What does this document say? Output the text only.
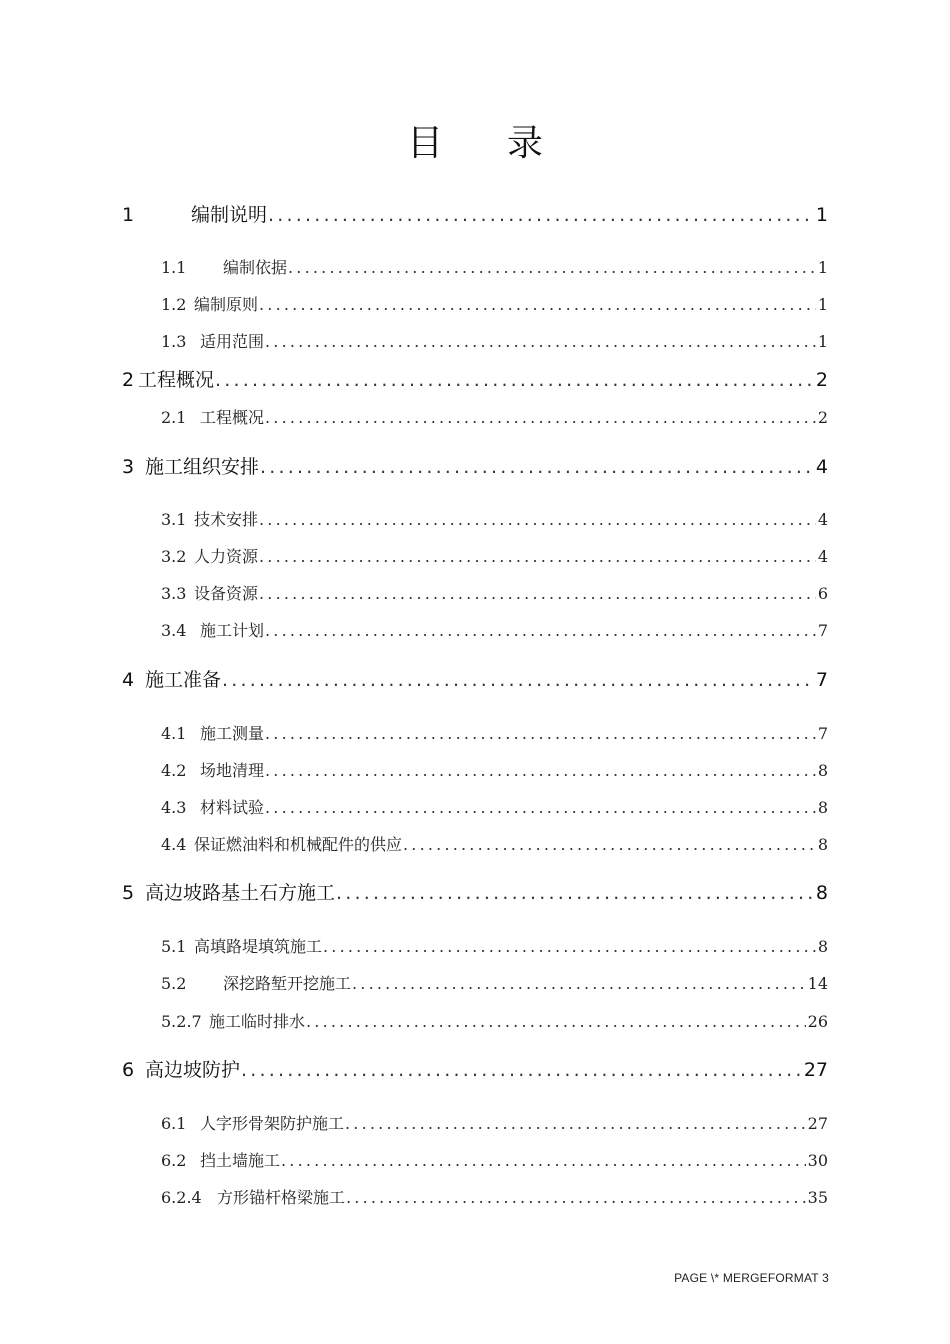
目 录
1	编制说明 .....	1
1.1	编制依据 .....	1
1.2 编制原则 .....	1
1.3 适用范围 .....	1
2 工程概况 .....	2
2.1 工程概况 .....	2
3 施工组织安排 .....	4
3.1 技术安排 .....	4
3.2 人力资源 .....	4
3.3 设备资源 .....	6
3.4 施工计划 .....	7
4 施工准备 .....	7
4.1 施工测量 .....	7
4.2 场地清理 .....	8
4.3 材料试验 .....	8
4.4 保证燃油料和机械配件的供应 .....	8
5 高边坡路基土石方施工 .....	8
5.1 高填路堤填筑施工 .....	8
5.2	深挖路堑开挖施工 .....	14
5.2.7 施工临时排水 .....	26
6 高边坡防护 .....	27
6.1 人字形骨架防护施工 .....	27
6.2 挡土墙施工 .....	30
6.2.4 方形锚杆格梁施工 .....	35
PAGE \* MERGEFORMAT 3
